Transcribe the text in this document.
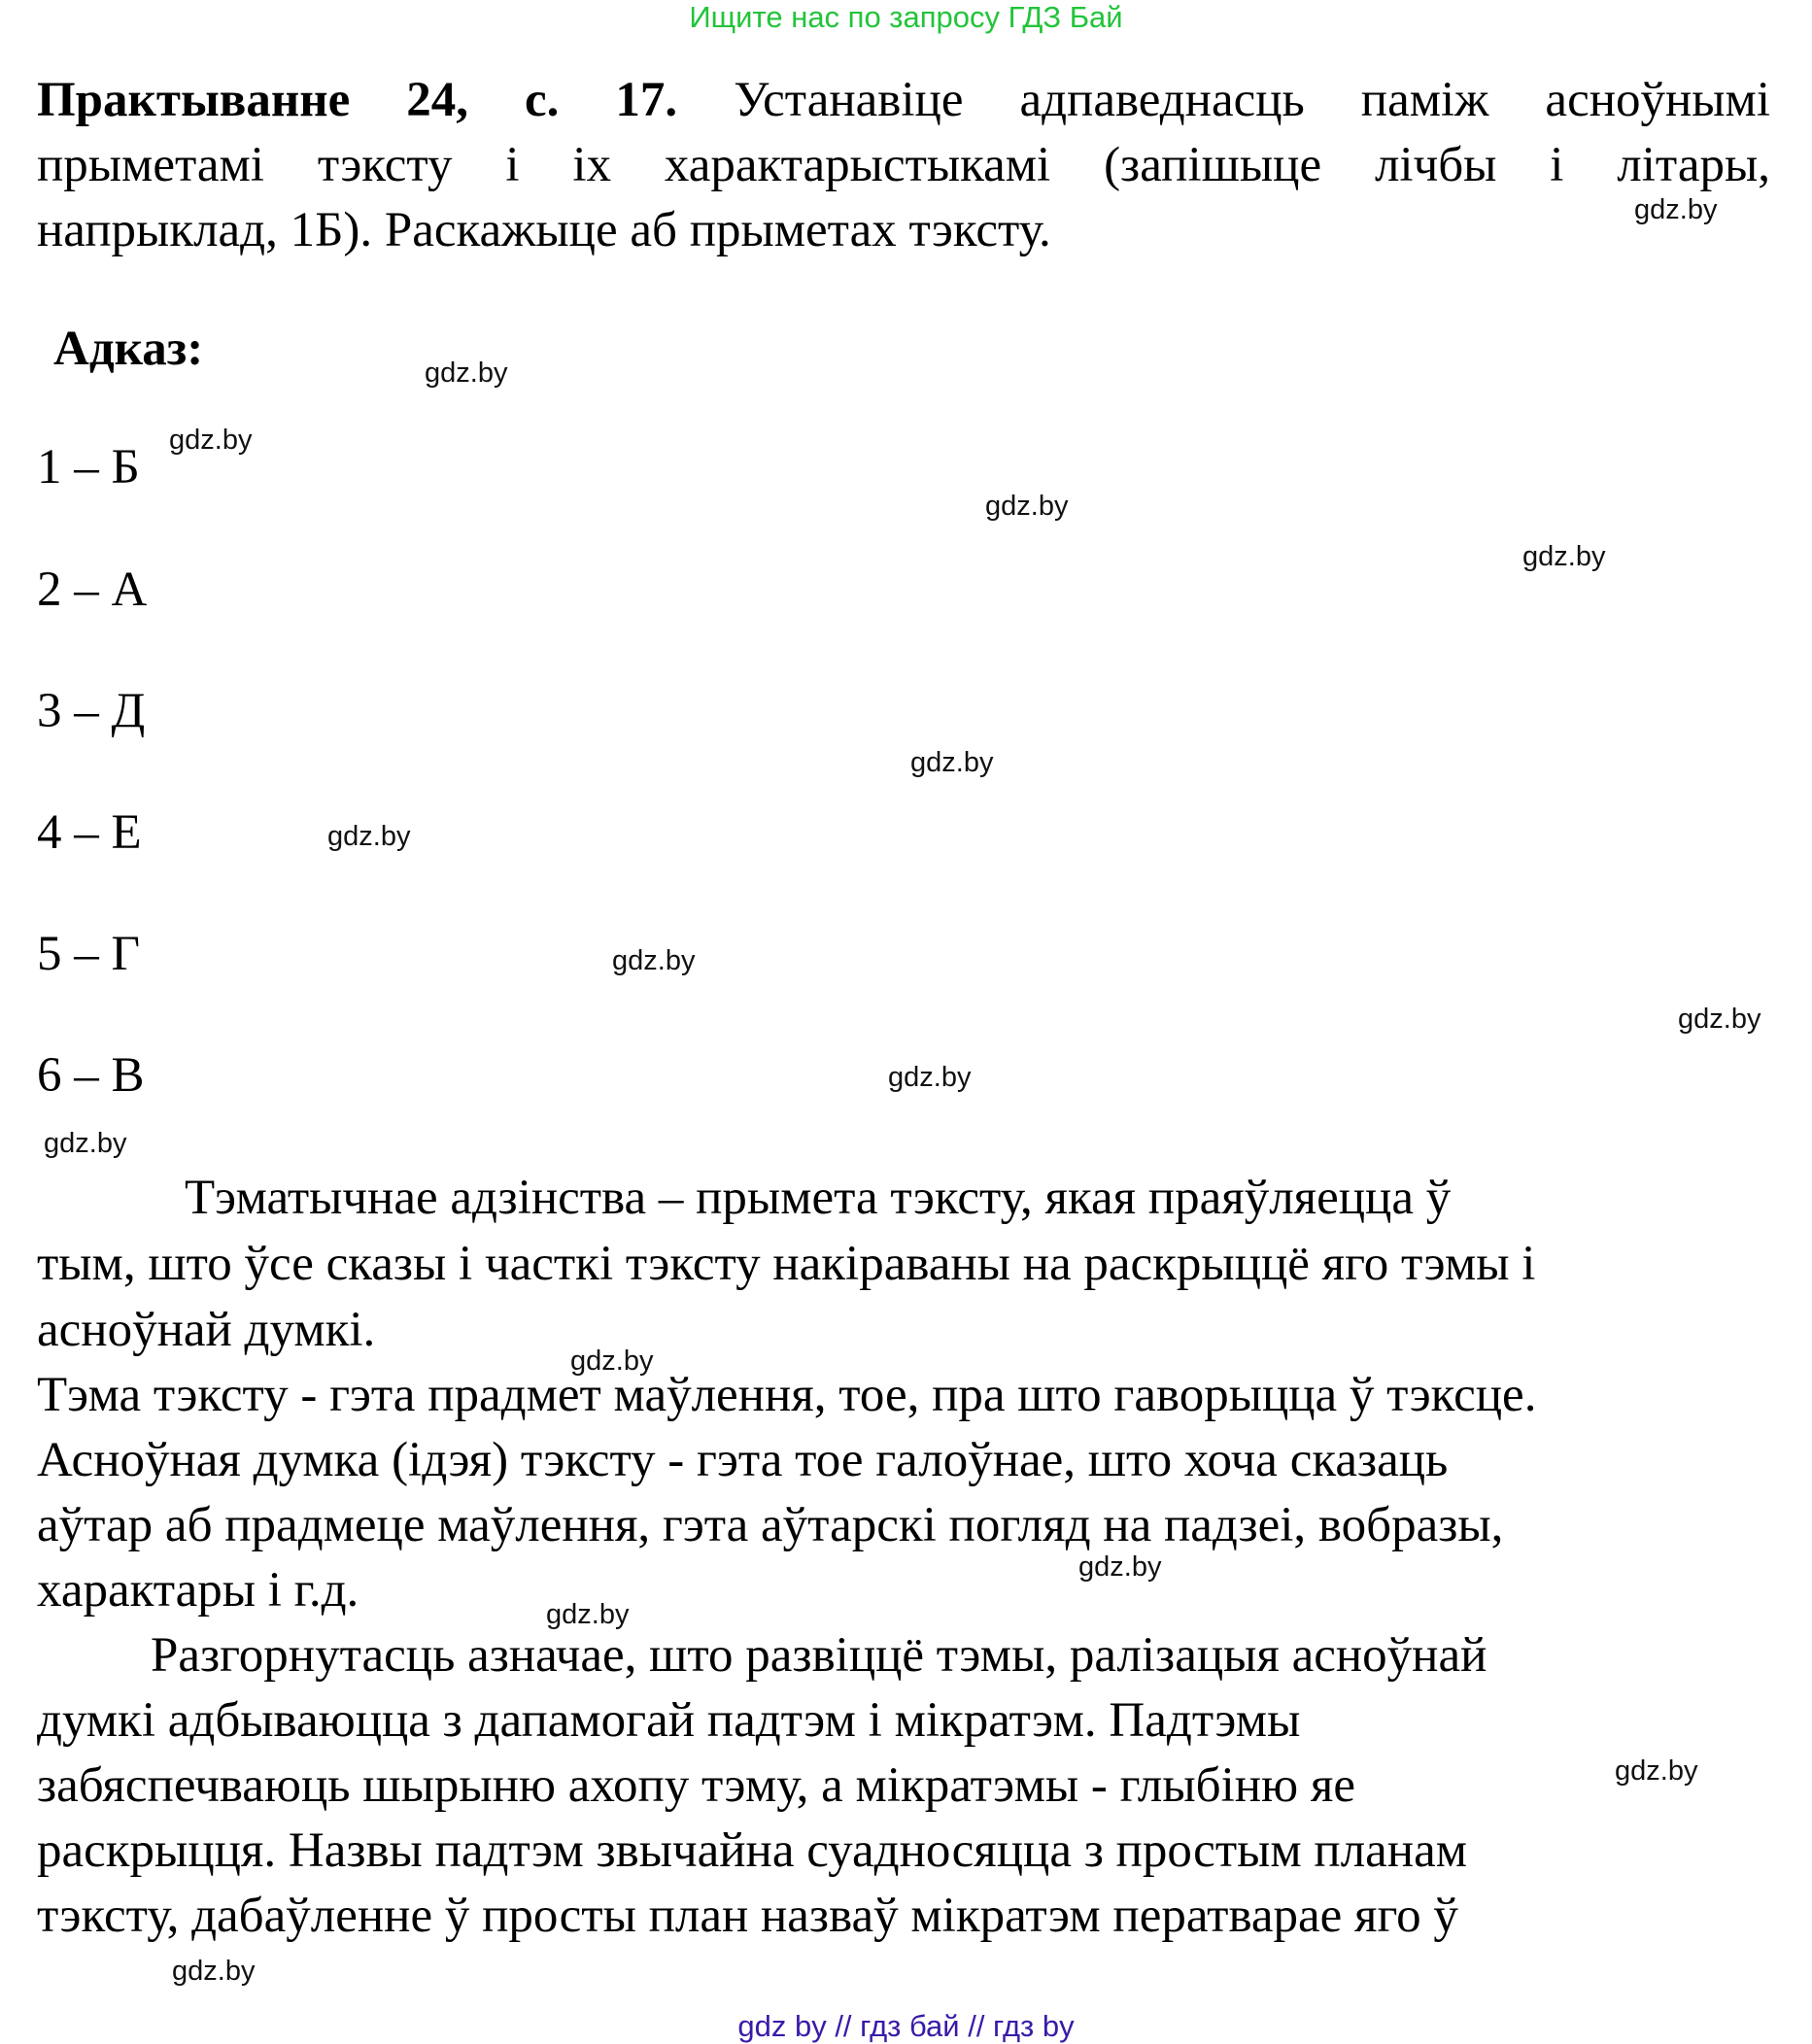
Ищите нас по запросу ГДЗ Бай
Практыванне 24, с. 17. Устанавіце адпаведнасць паміж асноўнымі
прыметамі тэксту і іх характарыстыкамі (запішыце лічбы і літары,
напрыклад, 1Б). Раскажыце аб прыметах тэксту.
Адказ:
1 – Б
2 – А
3 – Д
4 – Е
5 – Г
6 – В
Тэматычнае адзінства – прымета тэксту, якая праяўляецца ў
тым, што ўсе сказы і часткі тэксту накіраваны на раскрыццё яго тэмы і
асноўнай думкі.
Тэма тэксту - гэта прадмет маўлення, тое, пра што гаворыцца ў тэксце.
Асноўная думка (ідэя) тэксту - гэта тое галоўнае, што хоча сказаць
аўтар аб прадмеце маўлення, гэта аўтарскі погляд на падзеі, вобразы,
характары і г.д.
Разгорнутасць азначае, што развіццё тэмы, ралізацыя асноўнай
думкі адбываюцца з дапамогай падтэм і мікратэм. Падтэмы
забяспечваюць шырыню ахопу тэму, а мікратэмы - глыбіню яе
раскрыцця. Назвы падтэм звычайна суадносяцца з простым планам
тэксту, дабаўленне ў просты план назваў мікратэм ператварае яго ў
gdz.by
gdz.by
gdz.by
gdz.by
gdz.by
gdz.by
gdz.by
gdz.by
gdz.by
gdz.by
gdz.by
gdz.by
gdz.by
gdz.by
gdz.by
gdz.by
gdz by // гдз бай // гдз by
